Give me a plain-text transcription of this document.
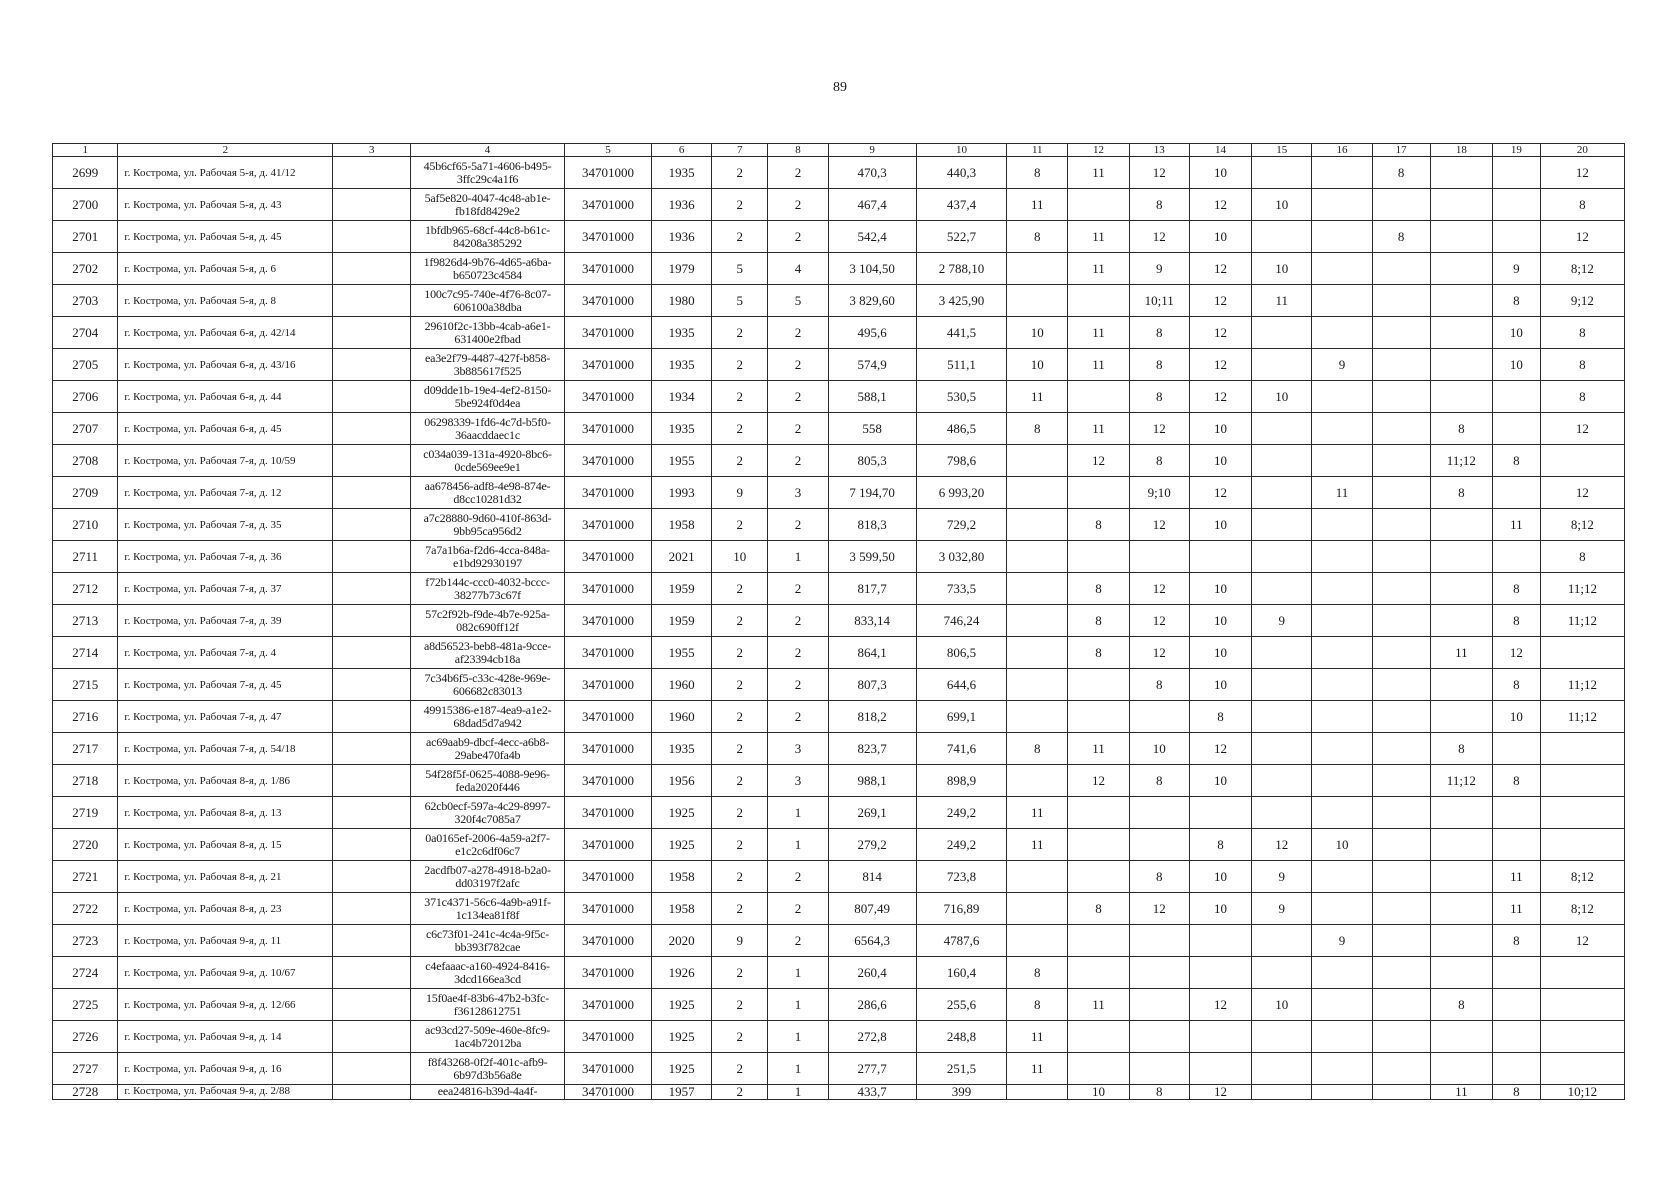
89
1	2	3	4	5	6	7	8	9	10	11	12	13	14	15	16	17	18	19	20
2699	г. Кострома, ул. Рабочая 5-я, д. 41/12		45b6cf65-5a71-4606-b495-3ffc29c4a1f6	34701000	1935	2	2	470,3	440,3	8	11	12	10			8			12
2700	г. Кострома, ул. Рабочая 5-я, д. 43		5af5e820-4047-4c48-ab1e-fb18fd8429e2	34701000	1936	2	2	467,4	437,4	11		8	12	10					8
2701	г. Кострома, ул. Рабочая 5-я, д. 45		1bfdb965-68cf-44c8-b61c-84208a385292	34701000	1936	2	2	542,4	522,7	8	11	12	10			8			12
2702	г. Кострома, ул. Рабочая 5-я, д. 6		1f9826d4-9b76-4d65-a6ba-b650723c4584	34701000	1979	5	4	3 104,50	2 788,10		11	9	12	10				9	8;12
2703	г. Кострома, ул. Рабочая 5-я, д. 8		100c7c95-740e-4f76-8c07-606100a38dba	34701000	1980	5	5	3 829,60	3 425,90			10;11	12	11				8	9;12
2704	г. Кострома, ул. Рабочая 6-я, д. 42/14		29610f2c-13bb-4cab-a6e1-631400e2fbad	34701000	1935	2	2	495,6	441,5	10	11	8	12					10	8
2705	г. Кострома, ул. Рабочая 6-я, д. 43/16		ea3e2f79-4487-427f-b858-3b885617f525	34701000	1935	2	2	574,9	511,1	10	11	8	12		9			10	8
2706	г. Кострома, ул. Рабочая 6-я, д. 44		d09dde1b-19e4-4ef2-8150-5be924f0d4ea	34701000	1934	2	2	588,1	530,5	11		8	12	10					8
2707	г. Кострома, ул. Рабочая 6-я, д. 45		06298339-1fd6-4c7d-b5f0-36aacddaec1c	34701000	1935	2	2	558	486,5	8	11	12	10				8		12
2708	г. Кострома, ул. Рабочая 7-я, д. 10/59		c034a039-131a-4920-8bc6-0cde569ee9e1	34701000	1955	2	2	805,3	798,6		12	8	10				11;12	8	
2709	г. Кострома, ул. Рабочая 7-я, д. 12		aa678456-adf8-4e98-874e-d8cc10281d32	34701000	1993	9	3	7 194,70	6 993,20			9;10	12		11		8		12
2710	г. Кострома, ул. Рабочая 7-я, д. 35		a7c28880-9d60-410f-863d-9bb95ca956d2	34701000	1958	2	2	818,3	729,2		8	12	10					11	8;12
2711	г. Кострома, ул. Рабочая 7-я, д. 36		7a7a1b6a-f2d6-4cca-848a-e1bd92930197	34701000	2021	10	1	3 599,50	3 032,80										8
2712	г. Кострома, ул. Рабочая 7-я, д. 37		f72b144c-ccc0-4032-bccc-38277b73c67f	34701000	1959	2	2	817,7	733,5		8	12	10					8	11;12
2713	г. Кострома, ул. Рабочая 7-я, д. 39		57c2f92b-f9de-4b7e-925a-082c690ff12f	34701000	1959	2	2	833,14	746,24		8	12	10	9				8	11;12
2714	г. Кострома, ул. Рабочая 7-я, д. 4		a8d56523-beb8-481a-9cce-af23394cb18a	34701000	1955	2	2	864,1	806,5		8	12	10				11	12	
2715	г. Кострома, ул. Рабочая 7-я, д. 45		7c34b6f5-c33c-428e-969e-606682c83013	34701000	1960	2	2	807,3	644,6			8	10					8	11;12
2716	г. Кострома, ул. Рабочая 7-я, д. 47		49915386-e187-4ea9-a1e2-68dad5d7a942	34701000	1960	2	2	818,2	699,1				8					10	11;12
2717	г. Кострома, ул. Рабочая 7-я, д. 54/18		ac69aab9-dbcf-4ecc-a6b8-29abe470fa4b	34701000	1935	2	3	823,7	741,6	8	11	10	12				8		
2718	г. Кострома, ул. Рабочая 8-я, д. 1/86		54f28f5f-0625-4088-9e96-feda2020f446	34701000	1956	2	3	988,1	898,9		12	8	10				11;12	8	
2719	г. Кострома, ул. Рабочая 8-я, д. 13		62cb0ecf-597a-4c29-8997-320f4c7085a7	34701000	1925	2	1	269,1	249,2	11									
2720	г. Кострома, ул. Рабочая 8-я, д. 15		0a0165ef-2006-4a59-a2f7-e1c2c6df06c7	34701000	1925	2	1	279,2	249,2	11			8	12	10				
2721	г. Кострома, ул. Рабочая 8-я, д. 21		2acdfb07-a278-4918-b2a0-dd03197f2afc	34701000	1958	2	2	814	723,8			8	10	9				11	8;12
2722	г. Кострома, ул. Рабочая 8-я, д. 23		371c4371-56c6-4a9b-a91f-1c134ea81f8f	34701000	1958	2	2	807,49	716,89		8	12	10	9				11	8;12
2723	г. Кострома, ул. Рабочая 9-я, д. 11		c6c73f01-241c-4c4a-9f5c-bb393f782cae	34701000	2020	9	2	6564,3	4787,6						9			8	12
2724	г. Кострома, ул. Рабочая 9-я, д. 10/67		c4efaaac-a160-4924-8416-3dcd166ea3cd	34701000	1926	2	1	260,4	160,4	8									
2725	г. Кострома, ул. Рабочая 9-я, д. 12/66		15f0ae4f-83b6-47b2-b3fc-f36128612751	34701000	1925	2	1	286,6	255,6	8	11		12	10			8		
2726	г. Кострома, ул. Рабочая 9-я, д. 14		ac93cd27-509e-460e-8fc9-1ac4b72012ba	34701000	1925	2	1	272,8	248,8	11									
2727	г. Кострома, ул. Рабочая 9-я, д. 16		f8f43268-0f2f-401c-afb9-6b97d3b56a8e	34701000	1925	2	1	277,7	251,5	11									
2728	г. Кострома, ул. Рабочая 9-я, д. 2/88		eea24816-b39d-4a4f-	34701000	1957	2	1	433,7	399		10	8	12				11	8	10;12
